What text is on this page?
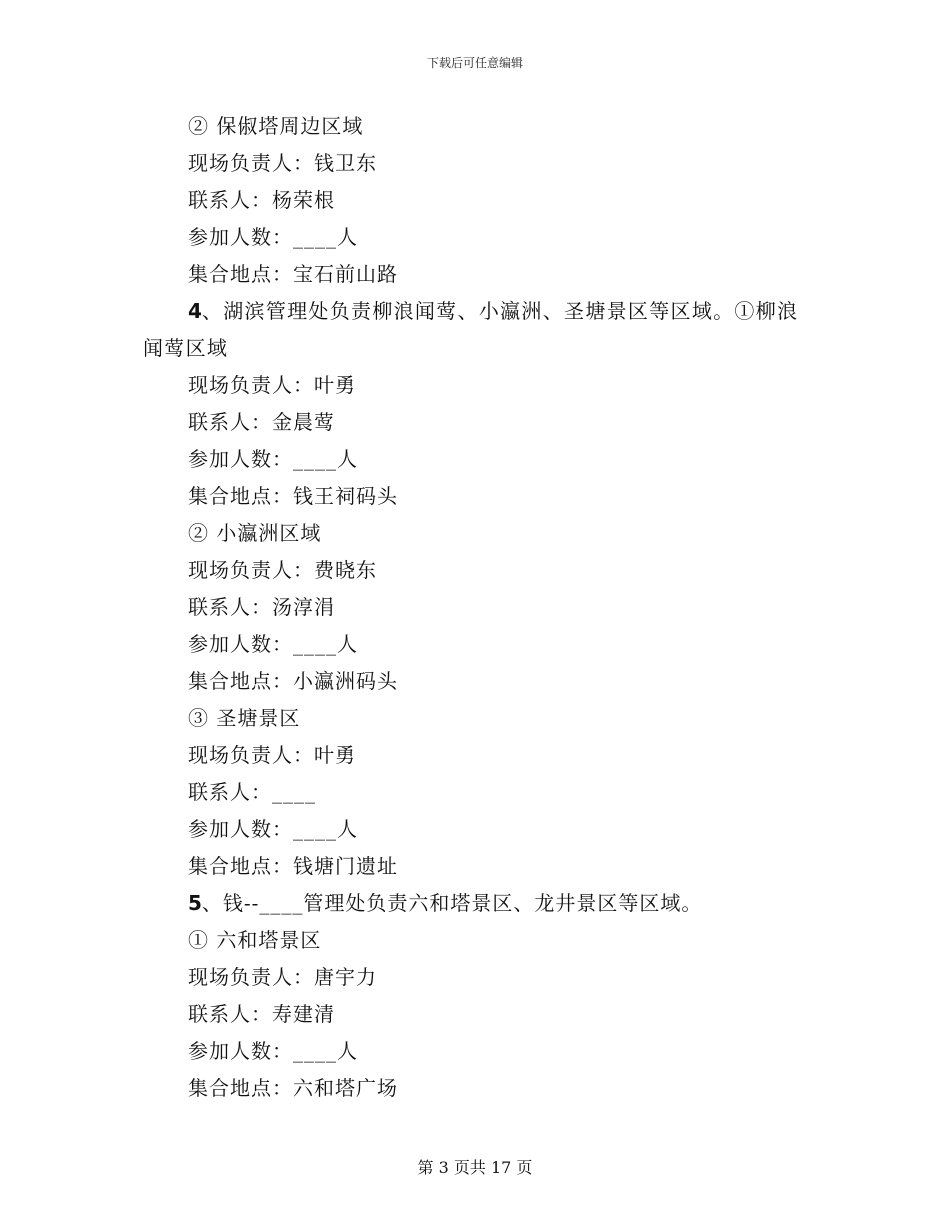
下载后可任意编辑
② 保俶塔周边区域
现场负责人：钱卫东
联系人：杨荣根
参加人数：____人
集合地点：宝石前山路
4、湖滨管理处负责柳浪闻莺、小瀛洲、圣塘景区等区域。①柳浪闻莺区域
现场负责人：叶勇
联系人：金晨莺
参加人数：____人
集合地点：钱王祠码头
② 小瀛洲区域
现场负责人：费晓东
联系人：汤淳涓
参加人数：____人
集合地点：小瀛洲码头
③ 圣塘景区
现场负责人：叶勇
联系人：____
参加人数：____人
集合地点：钱塘门遗址
5、钱--____管理处负责六和塔景区、龙井景区等区域。
① 六和塔景区
现场负责人：唐宇力
联系人：寿建清
参加人数：____人
集合地点：六和塔广场
第 3 页共 17 页
